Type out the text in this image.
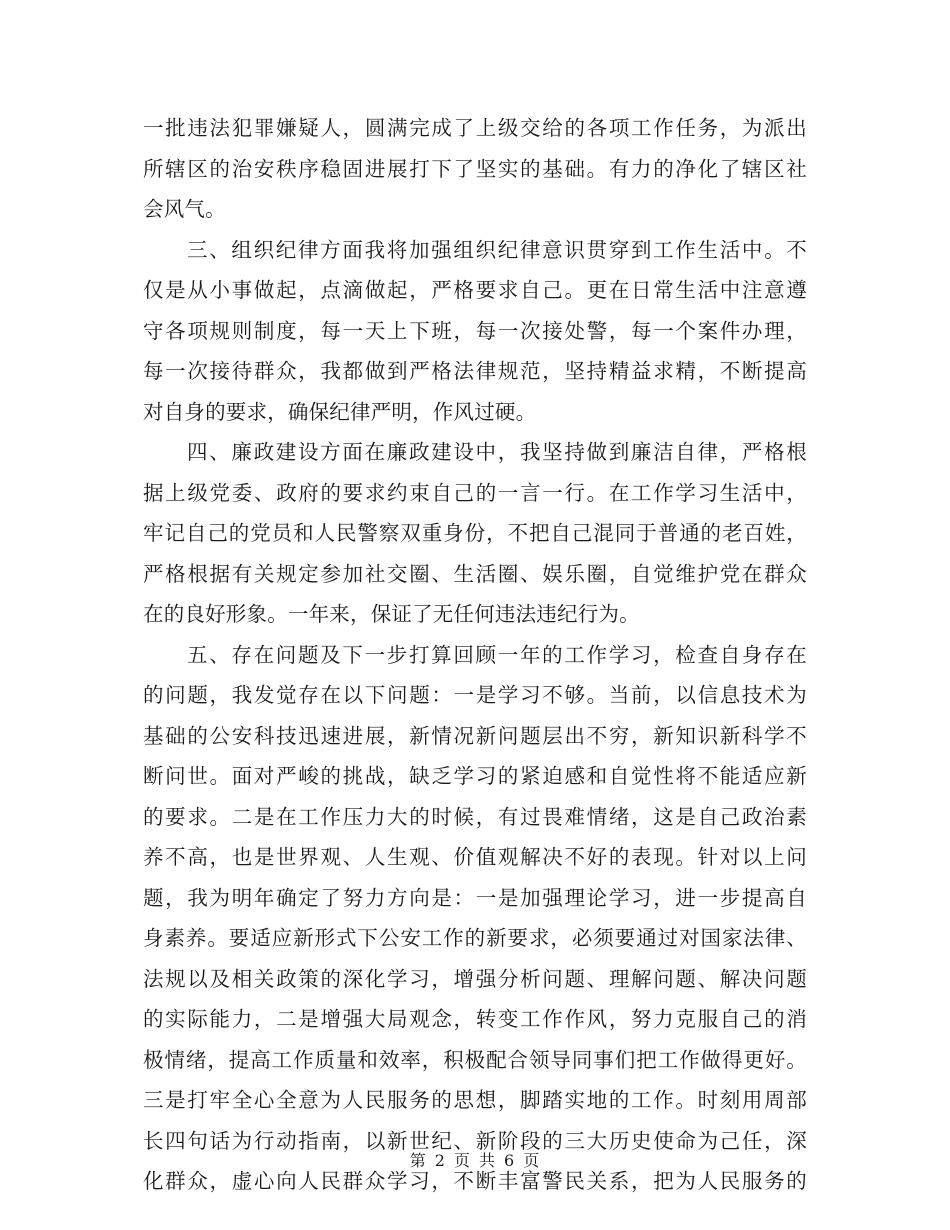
一批违法犯罪嫌疑人，圆满完成了上级交给的各项工作任务，为派出
所辖区的治安秩序稳固进展打下了坚实的基础。有力的净化了辖区社
会风气。
三、组织纪律方面我将加强组织纪律意识贯穿到工作生活中。不
仅是从小事做起，点滴做起，严格要求自己。更在日常生活中注意遵
守各项规则制度，每一天上下班，每一次接处警，每一个案件办理，
每一次接待群众，我都做到严格法律规范，坚持精益求精，不断提高
对自身的要求，确保纪律严明，作风过硬。
四、廉政建设方面在廉政建设中，我坚持做到廉洁自律，严格根
据上级党委、政府的要求约束自己的一言一行。在工作学习生活中，
牢记自己的党员和人民警察双重身份，不把自己混同于普通的老百姓，
严格根据有关规定参加社交圈、生活圈、娱乐圈，自觉维护党在群众
在的良好形象。一年来，保证了无任何违法违纪行为。
五、存在问题及下一步打算回顾一年的工作学习，检查自身存在
的问题，我发觉存在以下问题：一是学习不够。当前，以信息技术为
基础的公安科技迅速进展，新情况新问题层出不穷，新知识新科学不
断问世。面对严峻的挑战，缺乏学习的紧迫感和自觉性将不能适应新
的要求。二是在工作压力大的时候，有过畏难情绪，这是自己政治素
养不高，也是世界观、人生观、价值观解决不好的表现。针对以上问
题，我为明年确定了努力方向是：一是加强理论学习，进一步提高自
身素养。要适应新形式下公安工作的新要求，必须要通过对国家法律、
法规以及相关政策的深化学习，增强分析问题、理解问题、解决问题
的实际能力，二是增强大局观念，转变工作作风，努力克服自己的消
极情绪，提高工作质量和效率，积极配合领导同事们把工作做得更好。
三是打牢全心全意为人民服务的思想，脚踏实地的工作。时刻用周部
长四句话为行动指南，以新世纪、新阶段的三大历史使命为己任，深
化群众，虚心向人民群众学习，不断丰富警民关系，把为人民服务的
第 2 页 共 6 页
